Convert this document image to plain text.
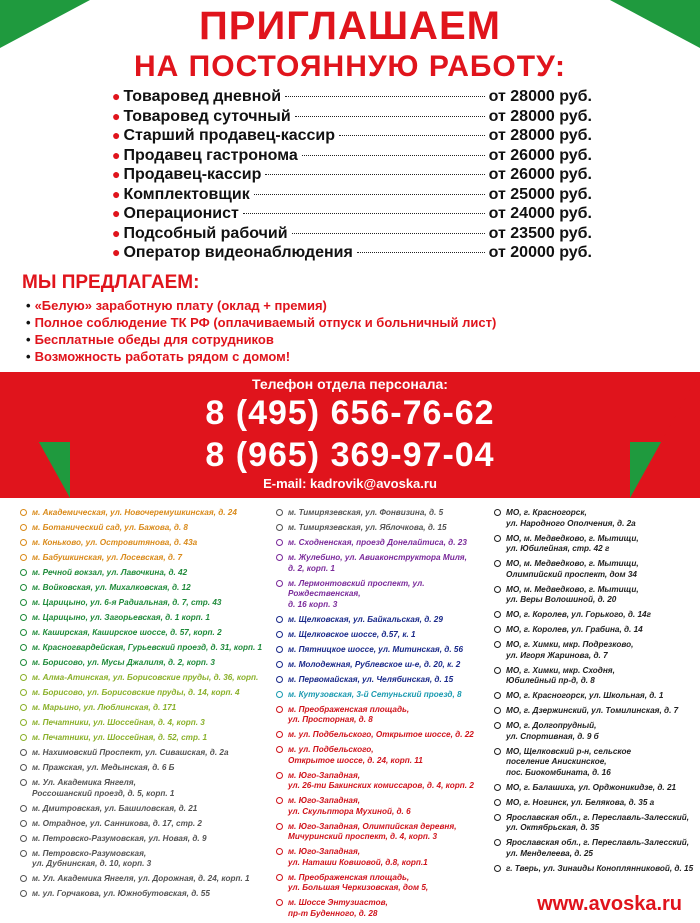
ПРИГЛАШАЕМ
НА ПОСТОЯННУЮ РАБОТУ:
● Товаровед дневной	от 28000 руб.
● Товаровед суточный	от 28000 руб.
● Старший продавец-кассир	от 28000 руб.
● Продавец гастронома	от 26000 руб.
● Продавец-кассир	от 26000 руб.
● Комплектовщик	от 25000 руб.
● Операционист	от 24000 руб.
● Подсобный рабочий	от 23500 руб.
● Оператор видеонаблюдения	от 20000 руб.
МЫ ПРЕДЛАГАЕМ:
• «Белую» заработную плату (оклад + премия)
• Полное соблюдение ТК РФ (оплачиваемый отпуск и больничный лист)
• Бесплатные обеды для сотрудников
• Возможность работать рядом с домом!
Телефон отдела персонала:
8 (495) 656-76-62
8 (965) 369-97-04
E-mail: kadrovik@avoska.ru
м. Академическая, ул. Новочеремушкинская, д. 24
м. Ботанический сад, ул. Бажова, д. 8
м. Коньково, ул. Островитянова, д. 43а
м. Бабушкинская, ул. Лосевская, д. 7
м. Речной вокзал, ул. Лавочкина, д. 42
м. Войковская, ул. Михалковская, д. 12
м. Царицыно, ул. 6-я Радиальная, д. 7, стр. 43
м. Царицыно, ул. Загорьевская, д. 1 корп. 1
м. Каширская, Каширское шоссе, д. 57, корп. 2
м. Красногвардейская, Гурьевский проезд, д. 31, корп. 1
м. Борисово, ул. Мусы Джалиля, д. 2, корп. 3
м. Алма-Атинская, ул. Борисовские пруды, д. 36, корп.
м. Борисово, ул. Борисовские пруды, д. 14, корп. 4
м. Марьино, ул. Люблинская, д. 171
м. Печатники, ул. Шоссейная, д. 4, корп. 3
м. Печатники, ул. Шоссейная, д. 52, стр. 1
м. Нахимовский Проспект, ул. Сивашская, д. 2а
м. Пражская, ул. Медынская, д. 6 Б
м. Ул. Академика Янгеля,
Россошанский проезд, д. 5, корп. 1
м. Дмитровская, ул. Башиловская, д. 21
м. Отрадное, ул. Санникова, д. 17, стр. 2
м. Петровско-Разумовская, ул. Новая, д. 9
м. Петровско-Разумовская,
ул. Дубнинская, д. 10, корп. 3
м. Ул. Академика Янгеля, ул. Дорожная, д. 24, корп. 1
м. ул. Горчакова, ул. Южнобутовская, д. 55
м. Тимирязевская, ул. Фонвизина, д. 5
м. Тимирязевская, ул. Яблочкова, д. 15
м. Сходненская, проезд Донелайтиса, д. 23
м. Жулебино, ул. Авиаконструктора Миля,
д. 2, корп. 1
м. Лермонтовский проспект, ул. Рождественская,
д. 16 корп. 3
м. Щелковская, ул. Байкальская, д. 29
м. Щелковское шоссе, д.57, к. 1
м. Пятницкое шоссе, ул. Митинская, д. 56
м. Молодежная, Рублевское ш-е, д. 20, к. 2
м. Первомайская, ул. Челябинская, д. 15
м. Кутузовская, 3-й Сетуньский проезд, 8
м. Преображенская площадь,
ул. Просторная, д. 8
м. ул. Подбельского, Открытое шоссе, д. 22
м. ул. Подбельского,
Открытое шоссе, д. 24, корп. 11
м. Юго-Западная,
ул. 26-ти Бакинских комиссаров, д. 4, корп. 2
м. Юго-Западная,
ул. Скульптора Мухиной, д. 6
м. Юго-Западная, Олимпийская деревня,
Мичуринский проспект, д. 4, корп. 3
м. Юго-Западная,
ул. Наташи Ковшовой, д.8, корп.1
м. Преображенская площадь,
ул. Большая Черкизовская, дом 5,
м. Шоссе Энтузиастов,
пр-т Буденного, д. 28
МО, г. Красногорск,
ул. Народного Ополчения, д. 2а
МО, м. Медведково, г. Мытищи,
ул. Юбилейная, стр. 42 г
МО, м. Медведково, г. Мытищи,
Олимпийский проспект, дом 34
МО, м. Медведково, г. Мытищи,
ул. Веры Волошиной, д. 20
МО, г. Королев, ул. Горького, д. 14г
МО, г. Королев, ул. Грабина, д. 14
МО, г. Химки, мкр. Подрезково,
ул. Игоря Жаринова, д. 7
МО, г. Химки, мкр. Сходня,
Юбилейный пр-д, д. 8
МО, г. Красногорск, ул. Школьная, д. 1
МО, г. Дзержинский, ул. Томилинская, д. 7
МО, г. Долгопрудный,
ул. Спортивная, д. 9 б
МО, Щелковский р-н, сельское
поселение Анискинское,
пос. Биокомбината, д. 16
МО, г. Балашиха, ул. Орджоникидзе, д. 21
МО, г. Ногинск, ул. Белякова, д. 35 а
Ярославская обл., г. Переславль-Залесский,
ул. Октябрьская, д. 35
Ярославская обл., г. Переславль-Залесский,
ул. Менделеева, д. 25
г. Тверь, ул. Зинаиды Коноплянниковой, д. 15
www.avoska.ru
